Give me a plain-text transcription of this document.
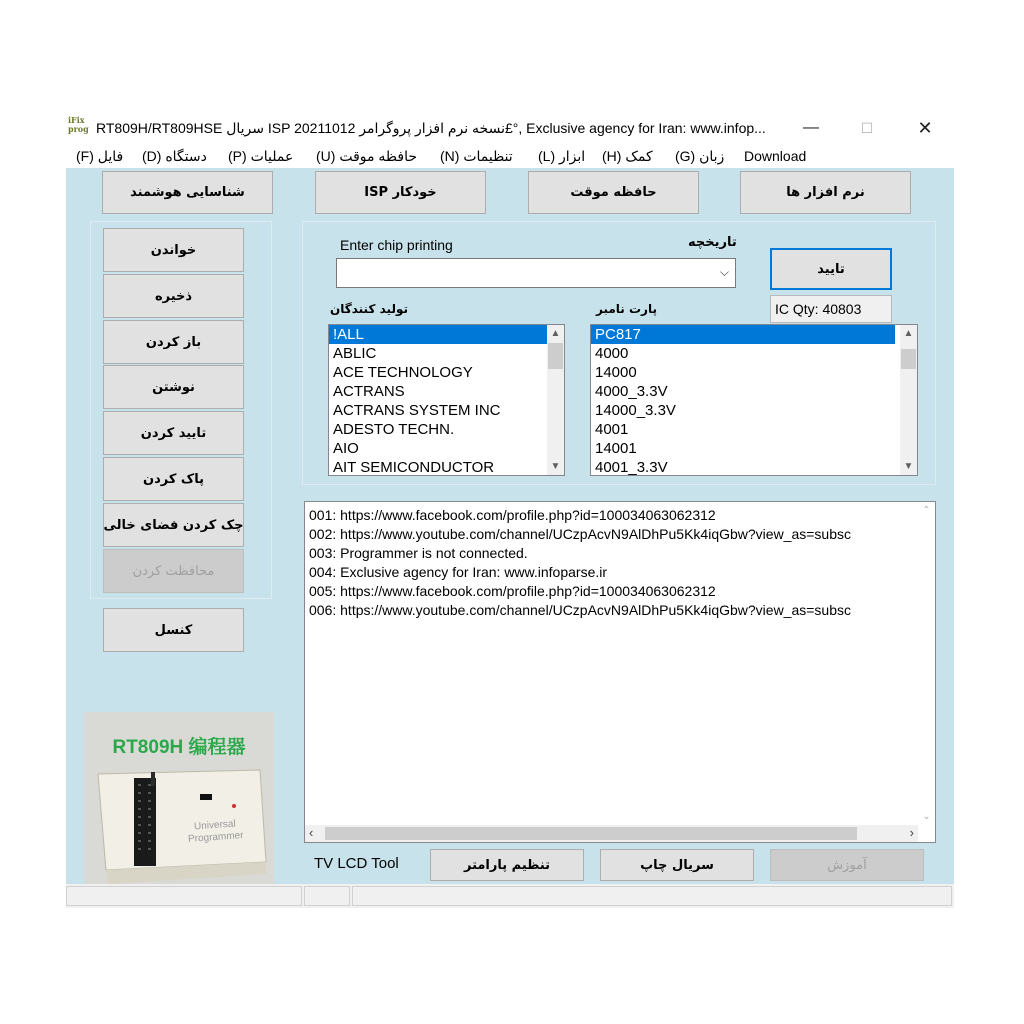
iFix
prog RT809H/RT809HSE سریال ISP نسخه نرم افزار پروگرامر 20211012£°, Exclusive agency for Iran: www.infop...	—	☐	✕
(F) فایل (D) دستگاه (P) عملیات (U) حافظه موقت (N) تنظیمات (L) ابزار (H) کمک (G) زبان Download
شناسایی هوشمند	ISP خودکار	حافظه موقت	نرم افزار ها
خواندن
ذخیره
باز کردن
نوشتن
تایید کردن
پاک کردن
چک کردن فضای خالی
محافظت کردن
کنسل
RT809H 编程器
Universal
Programmer
Enter chip printing	تاریخچه
⌵	تایید
IC Qty: 40803
تولید کنندگان	پارت نامبر
!ALL
ABLIC
ACE TECHNOLOGY
ACTRANS
ACTRANS SYSTEM INC
ADESTO TECHN.
AIO
AIT SEMICONDUCTOR
▲
▼
PC817
4000
14000
4000_3.3V
14000_3.3V
4001
14001
4001_3.3V
▲
▼
001: https://www.facebook.com/profile.php?id=100034063062312
002: https://www.youtube.com/channel/UCzpAcvN9AlDhPu5Kk4iqGbw?view_as=subsc
003: Programmer is not connected.
004: Exclusive agency for Iran: www.infoparse.ir
005: https://www.facebook.com/profile.php?id=100034063062312
006: https://www.youtube.com/channel/UCzpAcvN9AlDhPu5Kk4iqGbw?view_as=subsc
⌃
⌄
‹	›
TV LCD Tool	تنظیم پارامتر	سریال چاپ	آموزش
